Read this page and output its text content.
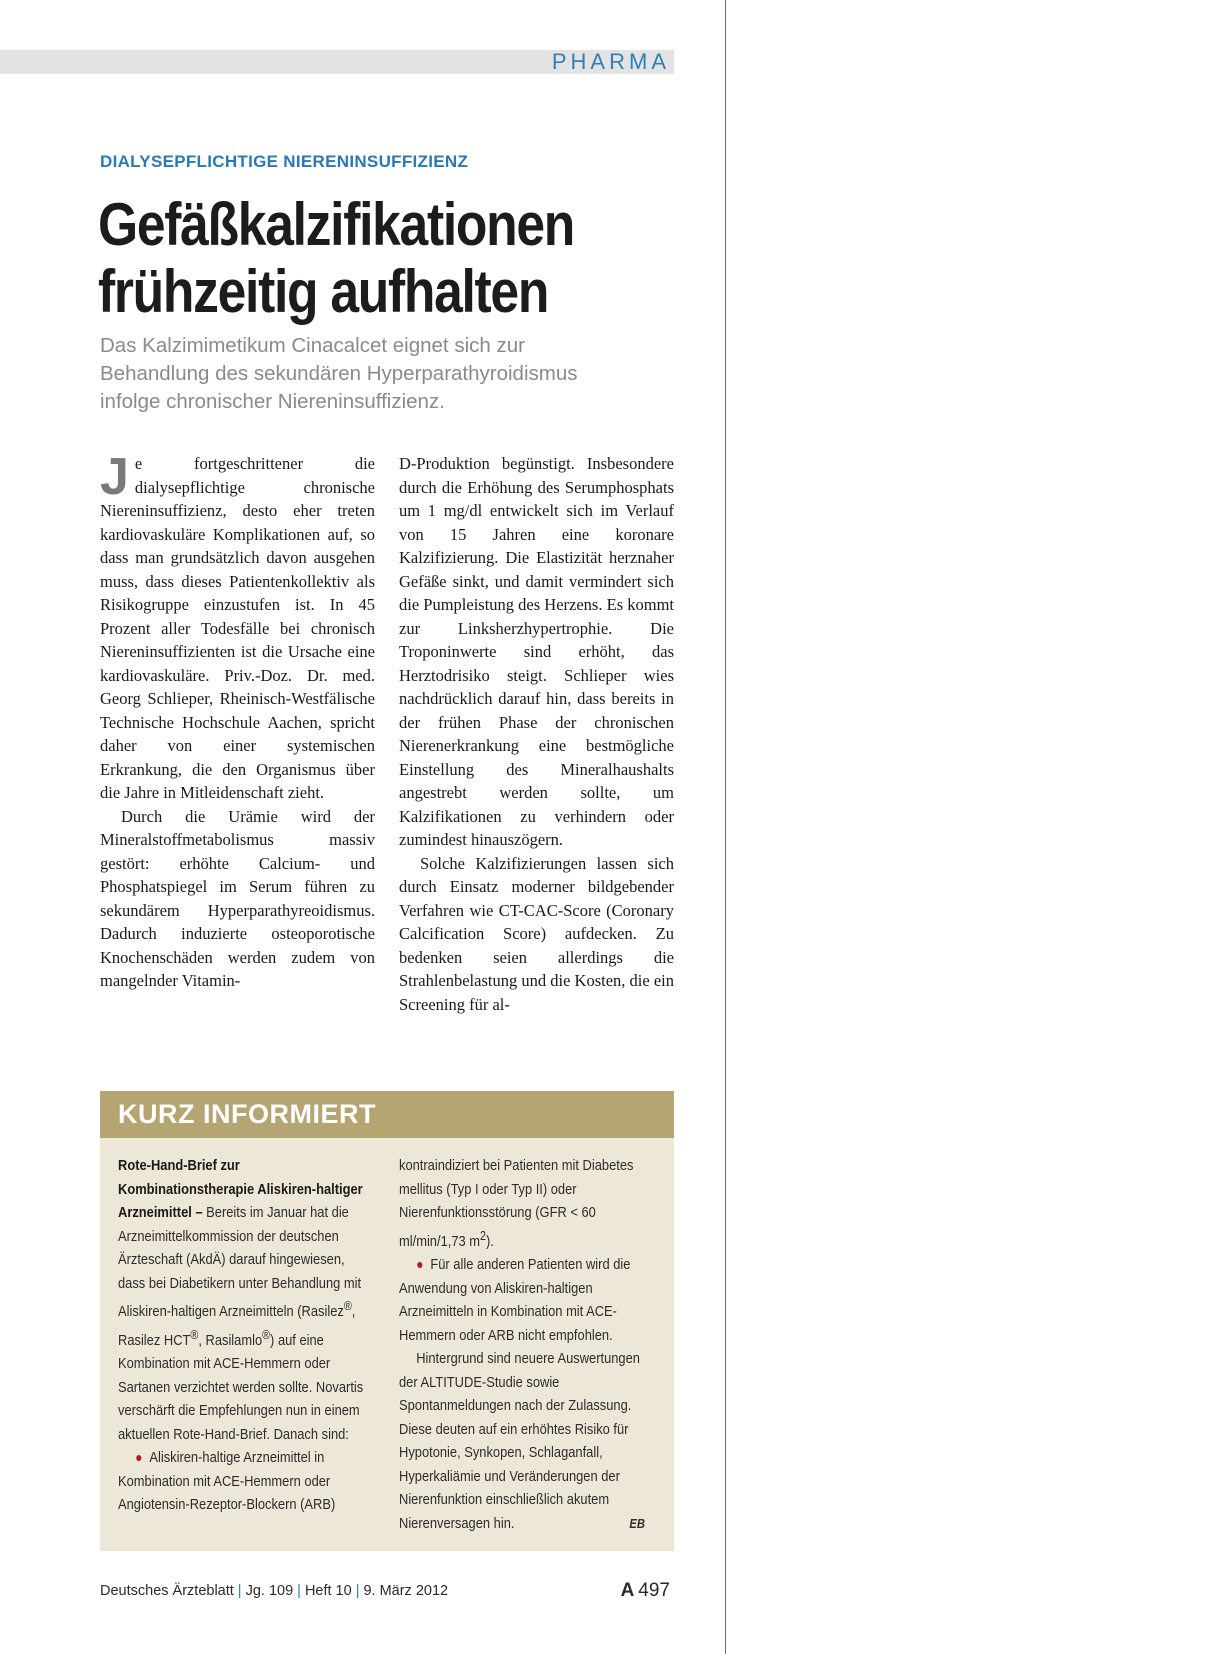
PHARMA
DIALYSEPFLICHTIGE NIERENINSUFFIZIENZ
Gefäßkalzifikationen
frühzeitig aufhalten
Das Kalzimimetikum Cinacalcet eignet sich zur
Behandlung des sekundären Hyperparathyroidismus
infolge chronischer Niereninsuffizienz.

Je fortgeschrittener die dialysepflichtige chronische Niereninsuffizienz, desto eher treten kardiovaskuläre Komplikationen auf, so dass man grundsätzlich davon ausgehen muss, dass dieses Patientenkollektiv als Risikogruppe einzustufen ist. In 45 Prozent aller Todesfälle bei chronisch Niereninsuffizienten ist die Ursache eine kardiovaskuläre. Priv.-Doz. Dr. med. Georg Schlieper, Rheinisch-Westfälische Technische Hochschule Aachen, spricht daher von einer systemischen Erkrankung, die den Organismus über die Jahre in Mitleidenschaft zieht.

Durch die Urämie wird der Mineralstoffmetabolismus massiv gestört: erhöhte Calcium- und Phosphatspiegel im Serum führen zu sekundärem Hyperparathyreoidismus. Dadurch induzierte osteoporotische Knochenschäden werden zudem von mangelnder Vitamin-

D-Produktion begünstigt. Insbesondere durch die Erhöhung des Serumphosphats um 1 mg/dl entwickelt sich im Verlauf von 15 Jahren eine koronare Kalzifizierung. Die Elastizität herznaher Gefäße sinkt, und damit vermindert sich die Pumpleistung des Herzens. Es kommt zur Linksherzhypertrophie. Die Troponinwerte sind erhöht, das Herztodrisiko steigt. Schlieper wies nachdrücklich darauf hin, dass bereits in der frühen Phase der chronischen Nierenerkrankung eine bestmögliche Einstellung des Mineralhaushalts angestrebt werden sollte, um Kalzifikationen zu verhindern oder zumindest hinauszögern.

Solche Kalzifizierungen lassen sich durch Einsatz moderner bildgebender Verfahren wie CT-CAC-Score (Coronary Calcification Score) aufdecken. Zu bedenken seien allerdings die Strahlenbelastung und die Kosten, die ein Screening für al-

KURZ INFORMIERT

Rote-Hand-Brief zur Kombinationstherapie Aliskiren-haltiger Arzneimittel – Bereits im Januar hat die Arzneimittelkommission der deutschen Ärzteschaft (AkdÄ) darauf hingewiesen, dass bei Diabetikern unter Behandlung mit Aliskiren-haltigen Arzneimitteln (Rasilez®, Rasilez HCT®, Rasilamlo®) auf eine Kombination mit ACE-Hemmern oder Sartanen verzichtet werden sollte. Novartis verschärft die Empfehlungen nun in einem aktuellen Rote-Hand-Brief. Danach sind:

● Aliskiren-haltige Arzneimittel in Kombination mit ACE-Hemmern oder Angiotensin-Rezeptor-Blockern (ARB)

kontraindiziert bei Patienten mit Diabetes mellitus (Typ I oder Typ II) oder Nierenfunktionsstörung (GFR < 60 ml/min/1,73 $m^2$).

● Für alle anderen Patienten wird die Anwendung von Aliskiren-haltigen Arzneimitteln in Kombination mit ACE-Hemmern oder ARB nicht empfohlen.

Hintergrund sind neuere Auswertungen der ALTITUDE-Studie sowie Spontanmeldungen nach der Zulassung. Diese deuten auf ein erhöhtes Risiko für Hypotonie, Synkopen, Schlaganfall, Hyperkaliämie und Veränderungen der Nierenfunktion einschließlich akutem Nierenversagen hin.	EB

Deutsches Ärzteblatt | Jg. 109 | Heft 10 | 9. März 2012	A 497
